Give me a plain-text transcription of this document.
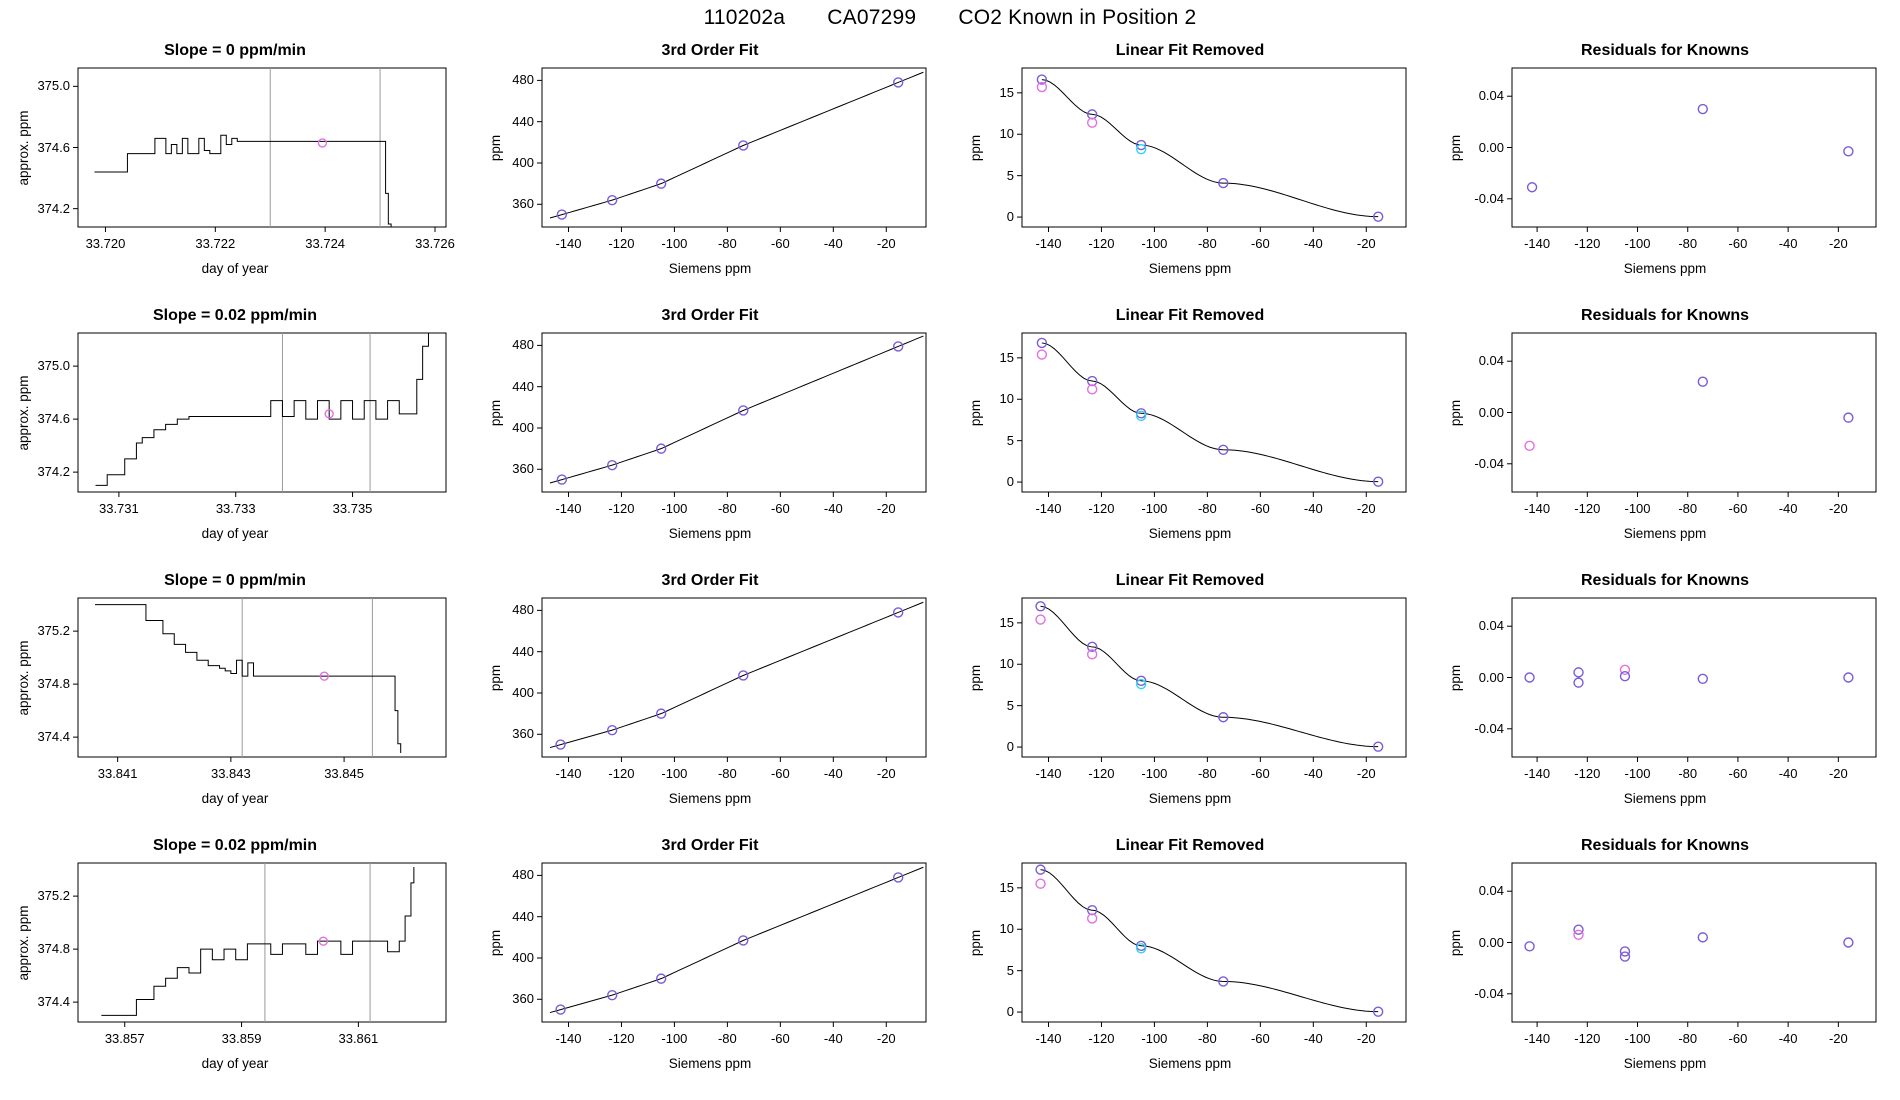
110202a CA07299 CO2 Known in Position 2
Slope = 0 ppm/min
33.720	33.722	33.724	33.726
374.2
374.6
375.0
day of year
approx. ppm
3rd Order Fit
-140	-120	-100	-80	-60	-40	-20
360
400
440
480
Siemens ppm
ppm
Linear Fit Removed
-140	-120	-100	-80	-60	-40	-20
0
5
10
15
Siemens ppm
ppm
Residuals for Knowns
-140	-120	-100	-80	-60	-40	-20
-0.04
0.00
0.04
Siemens ppm
ppm
Slope = 0.02 ppm/min
33.731	33.733	33.735
374.2
374.6
375.0
day of year
approx. ppm
3rd Order Fit
-140	-120	-100	-80	-60	-40	-20
360
400
440
480
Siemens ppm
ppm
Linear Fit Removed
-140	-120	-100	-80	-60	-40	-20
0
5
10
15
Siemens ppm
ppm
Residuals for Knowns
-140	-120	-100	-80	-60	-40	-20
-0.04
0.00
0.04
Siemens ppm
ppm
Slope = 0 ppm/min
33.841	33.843	33.845
374.4
374.8
375.2
day of year
approx. ppm
3rd Order Fit
-140	-120	-100	-80	-60	-40	-20
360
400
440
480
Siemens ppm
ppm
Linear Fit Removed
-140	-120	-100	-80	-60	-40	-20
0
5
10
15
Siemens ppm
ppm
Residuals for Knowns
-140	-120	-100	-80	-60	-40	-20
-0.04
0.00
0.04
Siemens ppm
ppm
Slope = 0.02 ppm/min
33.857	33.859	33.861
374.4
374.8
375.2
day of year
approx. ppm
3rd Order Fit
-140	-120	-100	-80	-60	-40	-20
360
400
440
480
Siemens ppm
ppm
Linear Fit Removed
-140	-120	-100	-80	-60	-40	-20
0
5
10
15
Siemens ppm
ppm
Residuals for Knowns
-140	-120	-100	-80	-60	-40	-20
-0.04
0.00
0.04
Siemens ppm
ppm
